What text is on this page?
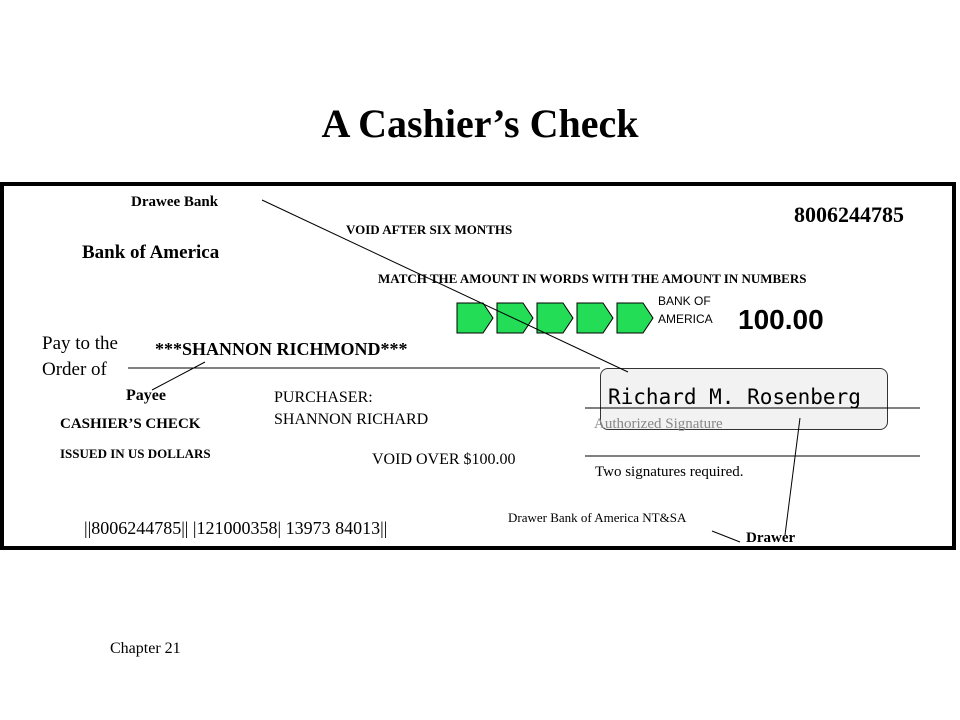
A Cashier’s Check
Drawee Bank	8006244785
VOID AFTER SIX MONTHS
Bank of America
MATCH THE AMOUNT IN WORDS WITH THE AMOUNT IN NUMBERS
BANK OF
AMERICA 100.00
Pay to the
Order of
***SHANNON RICHMOND***
Payee	PURCHASER:
SHANNON RICHARD
Richard M. Rosenberg
Authorized Signature
CASHIER’S CHECK
ISSUED IN US DOLLARS	VOID OVER $100.00
Two signatures required.
Drawer Bank of America NT&SA
Drawer
||8006244785|| |121000358| 13973 84013||
Chapter 21
